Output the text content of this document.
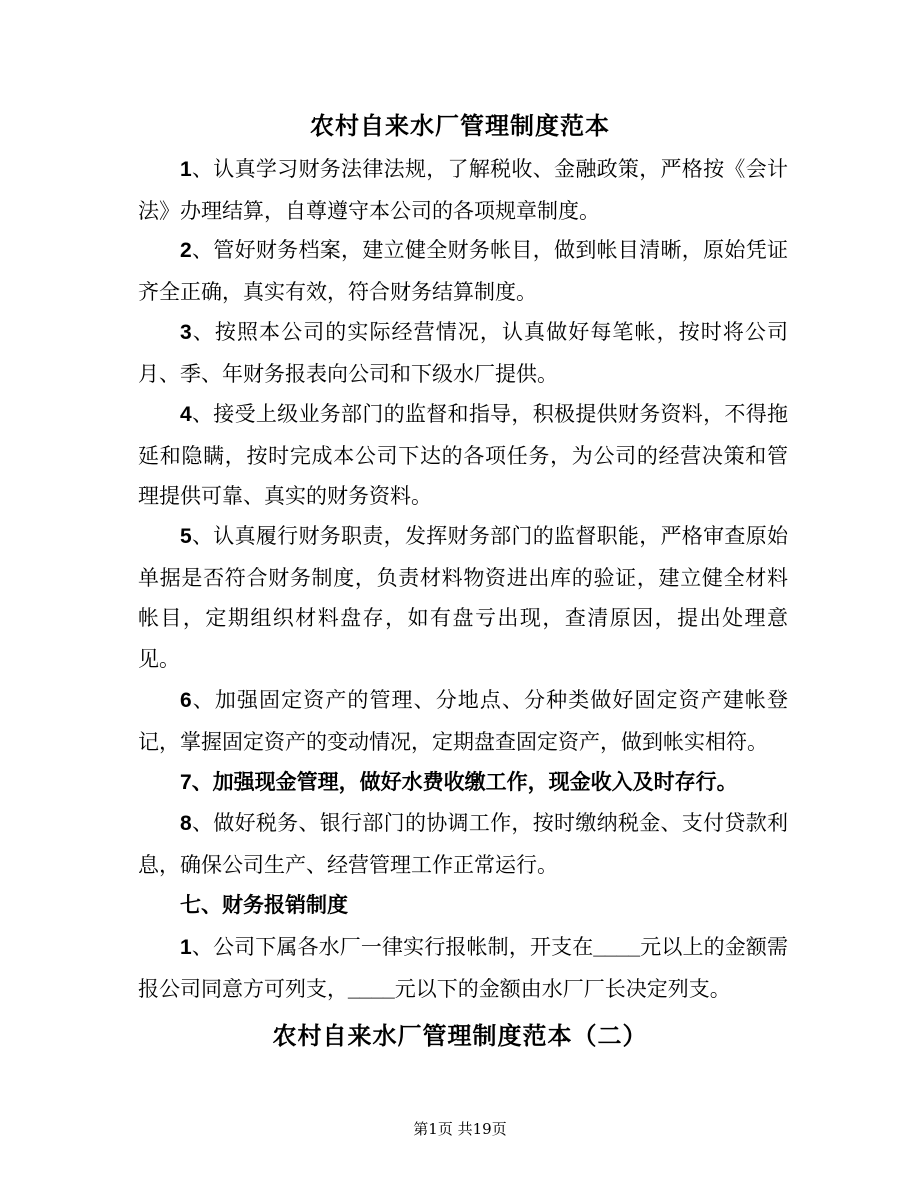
农村自来水厂管理制度范本
1、认真学习财务法律法规，了解税收、金融政策，严格按《会计法》办理结算，自尊遵守本公司的各项规章制度。
2、管好财务档案，建立健全财务帐目，做到帐目清晰，原始凭证齐全正确，真实有效，符合财务结算制度。
3、按照本公司的实际经营情况，认真做好每笔帐，按时将公司月、季、年财务报表向公司和下级水厂提供。
4、接受上级业务部门的监督和指导，积极提供财务资料，不得拖延和隐瞒，按时完成本公司下达的各项任务，为公司的经营决策和管理提供可靠、真实的财务资料。
5、认真履行财务职责，发挥财务部门的监督职能，严格审查原始单据是否符合财务制度，负责材料物资进出库的验证，建立健全材料帐目，定期组织材料盘存，如有盘亏出现，查清原因，提出处理意见。
6、加强固定资产的管理、分地点、分种类做好固定资产建帐登记，掌握固定资产的变动情况，定期盘查固定资产，做到帐实相符。
7、加强现金管理，做好水费收缴工作，现金收入及时存行。
8、做好税务、银行部门的协调工作，按时缴纳税金、支付贷款利息，确保公司生产、经营管理工作正常运行。
七、财务报销制度
1、公司下属各水厂一律实行报帐制，开支在____元以上的金额需报公司同意方可列支，____元以下的金额由水厂厂长决定列支。
农村自来水厂管理制度范本（二）
第1页 共19页
